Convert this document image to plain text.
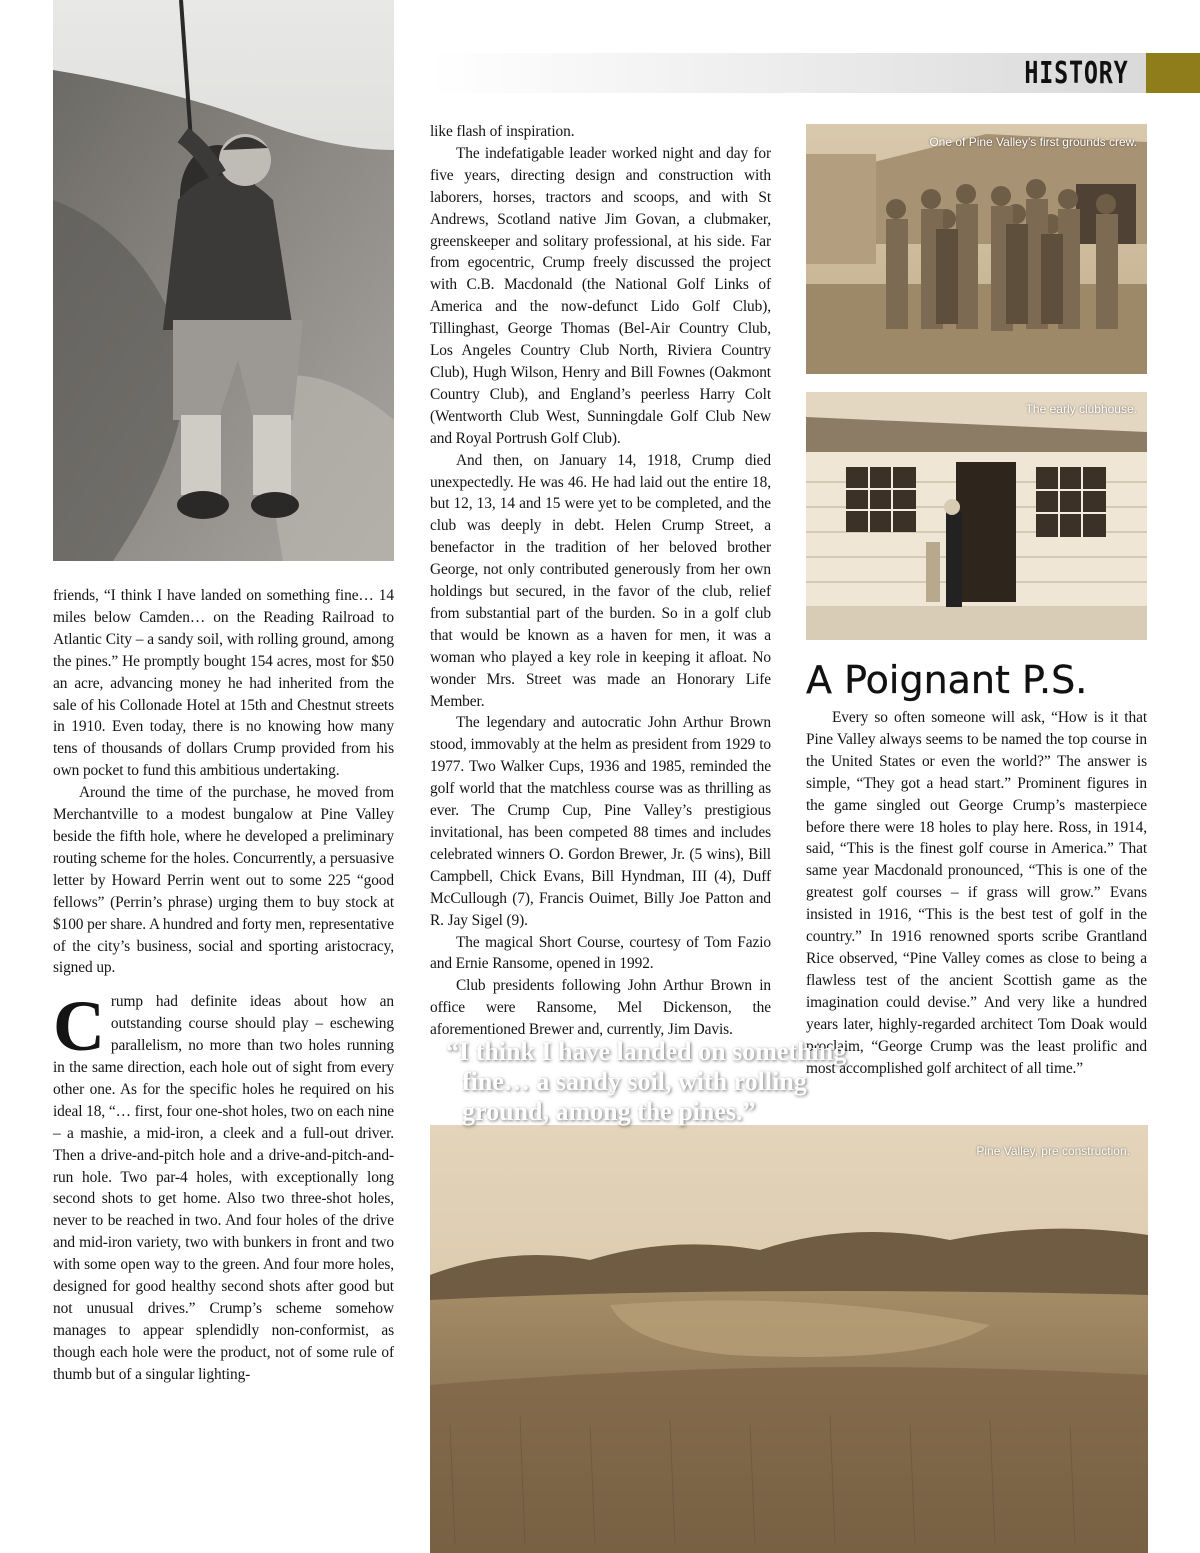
HISTORY
One of Pine Valley’s first grounds crew.
The early clubhouse.
Pine Valley, pre construction.

friends, “I think I have landed on something fine… 14 miles below Camden… on the Reading Railroad to Atlantic City – a sandy soil, with rolling ground, among the pines.” He promptly bought 154 acres, most for $50 an acre, advancing money he had inherited from the sale of his Collonade Hotel at 15th and Chestnut streets in 1910. Even today, there is no knowing how many tens of thousands of dollars Crump provided from his own pocket to fund this ambitious undertaking.

Around the time of the purchase, he moved from Merchantville to a modest bungalow at Pine Valley beside the fifth hole, where he developed a preliminary routing scheme for the holes. Concurrently, a persuasive letter by Howard Perrin went out to some 225 “good fellows” (Perrin’s phrase) urging them to buy stock at $100 per share. A hundred and forty men, representative of the city’s business, social and sporting aristocracy, signed up.

Crump had definite ideas about how an outstanding course should play – eschewing parallelism, no more than two holes running in the same direction, each hole out of sight from every other one. As for the specific holes he required on his ideal 18, “… first, four one-shot holes, two on each nine – a mashie, a mid-iron, a cleek and a full-out driver. Then a drive-and-pitch hole and a drive-and-pitch-and-run hole. Two par-4 holes, with exceptionally long second shots to get home. Also two three-shot holes, never to be reached in two. And four holes of the drive and mid-iron variety, two with bunkers in front and two with some open way to the green. And four more holes, designed for good healthy second shots after good but not unusual drives.” Crump’s scheme somehow manages to appear splendidly non-conformist, as though each hole were the product, not of some rule of thumb but of a singular lighting-

like flash of inspiration.

The indefatigable leader worked night and day for five years, directing design and construction with laborers, horses, tractors and scoops, and with St Andrews, Scotland native Jim Govan, a clubmaker, greenskeeper and solitary professional, at his side. Far from egocentric, Crump freely discussed the project with C.B. Macdonald (the National Golf Links of America and the now-defunct Lido Golf Club), Tillinghast, George Thomas (Bel-Air Country Club, Los Angeles Country Club North, Riviera Country Club), Hugh Wilson, Henry and Bill Fownes (Oakmont Country Club), and England’s peerless Harry Colt (Wentworth Club West, Sunningdale Golf Club New and Royal Portrush Golf Club).

And then, on January 14, 1918, Crump died unexpectedly. He was 46. He had laid out the entire 18, but 12, 13, 14 and 15 were yet to be completed, and the club was deeply in debt. Helen Crump Street, a benefactor in the tradition of her beloved brother George, not only contributed generously from her own holdings but secured, in the favor of the club, relief from substantial part of the burden. So in a golf club that would be known as a haven for men, it was a woman who played a key role in keeping it afloat. No wonder Mrs. Street was made an Honorary Life Member.

The legendary and autocratic John Arthur Brown stood, immovably at the helm as president from 1929 to 1977. Two Walker Cups, 1936 and 1985, reminded the golf world that the matchless course was as thrilling as ever. The Crump Cup, Pine Valley’s prestigious invitational, has been competed 88 times and includes celebrated winners O. Gordon Brewer, Jr. (5 wins), Bill Campbell, Chick Evans, Bill Hyndman, III (4), Duff McCullough (7), Francis Ouimet, Billy Joe Patton and R. Jay Sigel (9).

The magical Short Course, courtesy of Tom Fazio and Ernie Ransome, opened in 1992.

Club presidents following John Arthur Brown in office were Ransome, Mel Dickenson, the aforementioned Brewer and, currently, Jim Davis.

A Poignant P.S.

Every so often someone will ask, “How is it that Pine Valley always seems to be named the top course in the United States or even the world?” The answer is simple, “They got a head start.” Prominent figures in the game singled out George Crump’s masterpiece before there were 18 holes to play here. Ross, in 1914, said, “This is the finest golf course in America.” That same year Macdonald pronounced, “This is one of the greatest golf courses – if grass will grow.” Evans insisted in 1916, “This is the best test of golf in the country.” In 1916 renowned sports scribe Grantland Rice observed, “Pine Valley comes as close to being a flawless test of the ancient Scottish game as the imagination could devise.” And very like a hundred years later, highly-regarded architect Tom Doak would proclaim, “George Crump was the least prolific and most accomplished golf architect of all time.”

“I think I have landed on something
fine… a sandy soil, with rolling
ground, among the pines.”
